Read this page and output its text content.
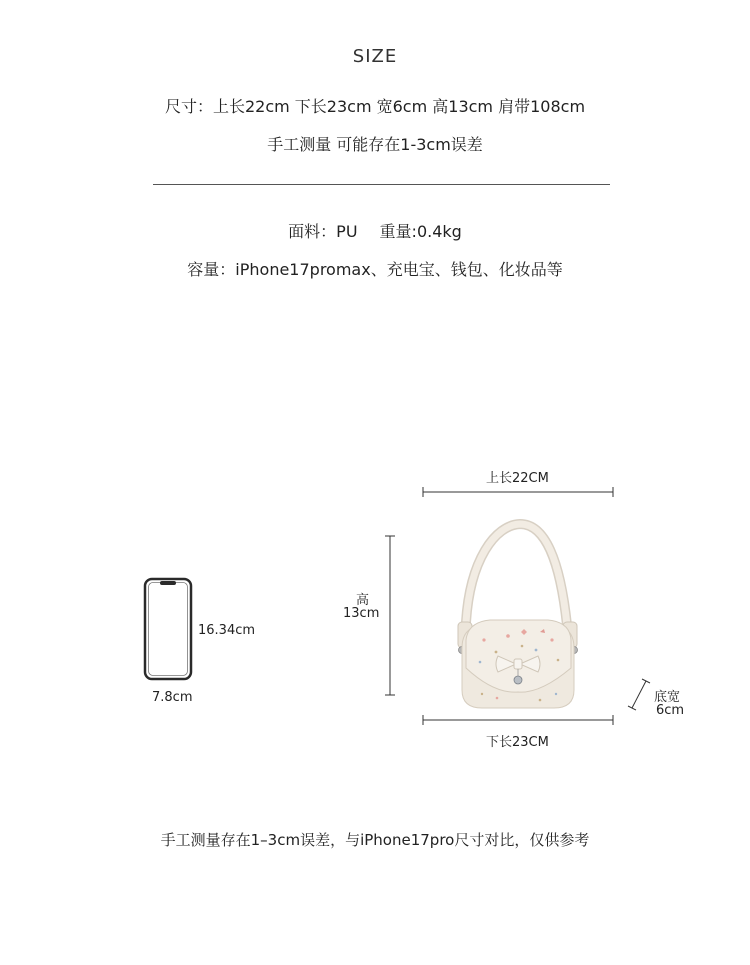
SIZE
尺寸：上长22cm 下长23cm 宽6cm 高13cm 肩带108cm
手工测量 可能存在1-3cm误差
面料：PU 重量:0.4kg
容量：iPhone17promax、充电宝、钱包、化妆品等
16.34cm
7.8cm
上长22CM
下长23CM
高
13cm
底宽
6cm
手工测量存在1–3cm误差，与iPhone17pro尺寸对比，仅供参考
